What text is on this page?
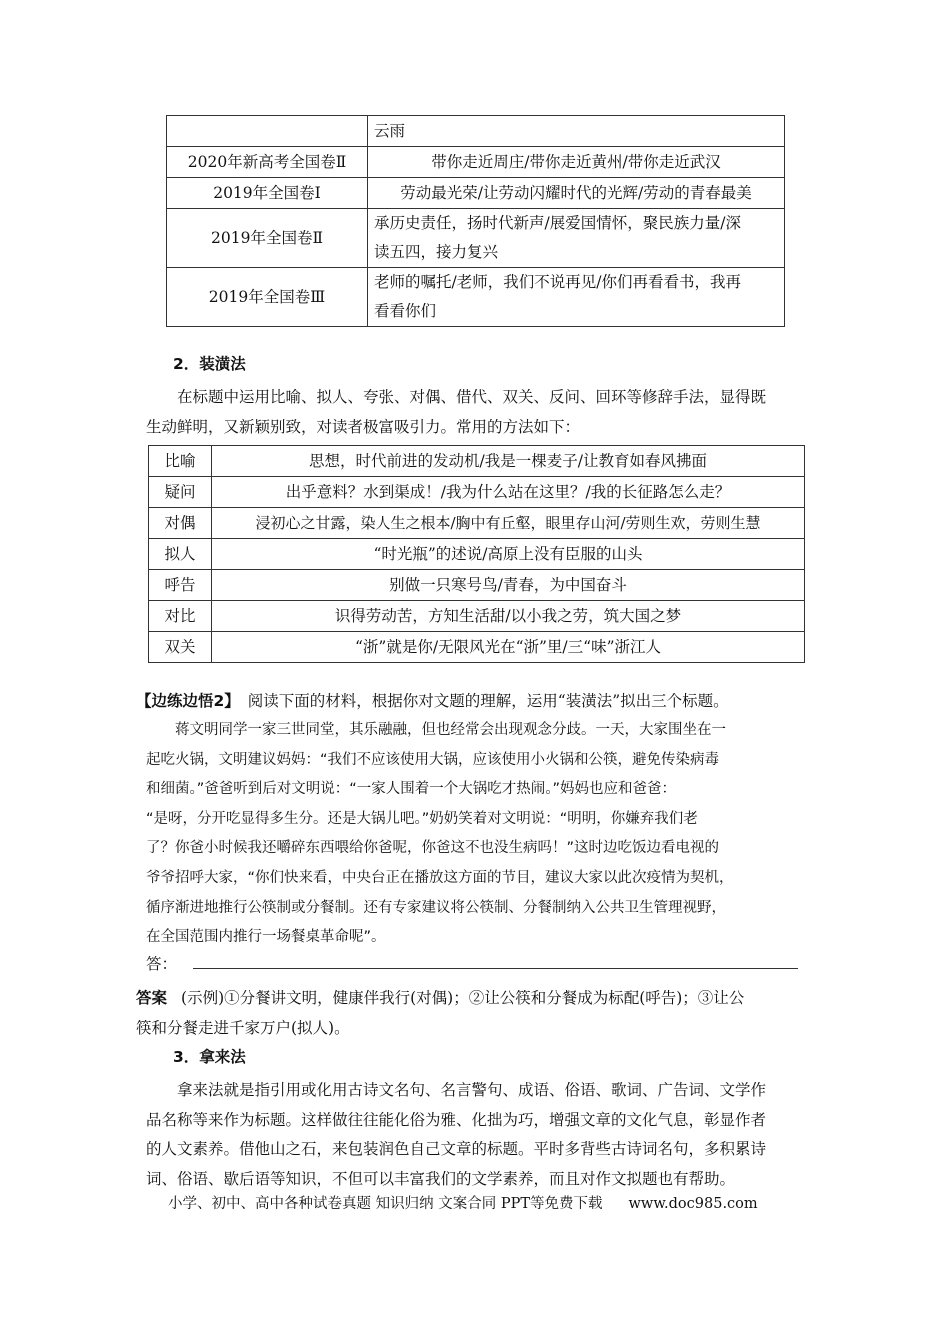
	云雨
2020年新高考全国卷Ⅱ	带你走近周庄/带你走近黄州/带你走近武汉
2019年全国卷Ⅰ	劳动最光荣/让劳动闪耀时代的光辉/劳动的青春最美
2019年全国卷Ⅱ	承历史责任，扬时代新声/展爱国情怀，聚民族力量/深
读五四，接力复兴

2019年全国卷Ⅲ	老师的嘱托/老师，我们不说再见/你们再看看书，我再
看看你们
2．装潢法
在标题中运用比喻、拟人、夸张、对偶、借代、双关、反问、回环等修辞手法，显得既
生动鲜明，又新颖别致，对读者极富吸引力。常用的方法如下：
比喻	思想，时代前进的发动机/我是一棵麦子/让教育如春风拂面
疑问	出乎意料？水到渠成！/我为什么站在这里？/我的长征路怎么走？
对偶	浸初心之甘露，染人生之根本/胸中有丘壑，眼里存山河/劳则生欢，劳则生慧
拟人	“时光瓶”的述说/高原上没有臣服的山头
呼告	别做一只寒号鸟/青春，为中国奋斗
对比	识得劳动苦，方知生活甜/以小我之劳，筑大国之梦
双关	“浙”就是你/无限风光在“浙”里/三“味”浙江人
【边练边悟2】 阅读下面的材料，根据你对文题的理解，运用“装潢法”拟出三个标题。
蒋文明同学一家三世同堂，其乐融融，但也经常会出现观念分歧。一天，大家围坐在一
起吃火锅，文明建议妈妈：“我们不应该使用大锅，应该使用小火锅和公筷，避免传染病毒
和细菌。”爸爸听到后对文明说：“一家人围着一个大锅吃才热闹。”妈妈也应和爸爸：
“是呀，分开吃显得多生分。还是大锅儿吧。”奶奶笑着对文明说：“明明，你嫌弃我们老
了？你爸小时候我还嚼碎东西喂给你爸呢，你爸这不也没生病吗！”这时边吃饭边看电视的
爷爷招呼大家，“你们快来看，中央台正在播放这方面的节目，建议大家以此次疫情为契机，
循序渐进地推行公筷制或分餐制。还有专家建议将公筷制、分餐制纳入公共卫生管理视野，
在全国范围内推行一场餐桌革命呢”。
答：
答案 (示例)①分餐讲文明，健康伴我行(对偶)；②让公筷和分餐成为标配(呼告)；③让公
筷和分餐走进千家万户(拟人)。
3．拿来法
拿来法就是指引用或化用古诗文名句、名言警句、成语、俗语、歌词、广告词、文学作
品名称等来作为标题。这样做往往能化俗为雅、化拙为巧，增强文章的文化气息，彰显作者
的人文素养。借他山之石，来包装润色自己文章的标题。平时多背些古诗词名句，多积累诗
词、俗语、歇后语等知识，不但可以丰富我们的文学素养，而且对作文拟题也有帮助。
小学、初中、高中各种试卷真题 知识归纳 文案合同 PPT等免费下载 www.doc985.com
